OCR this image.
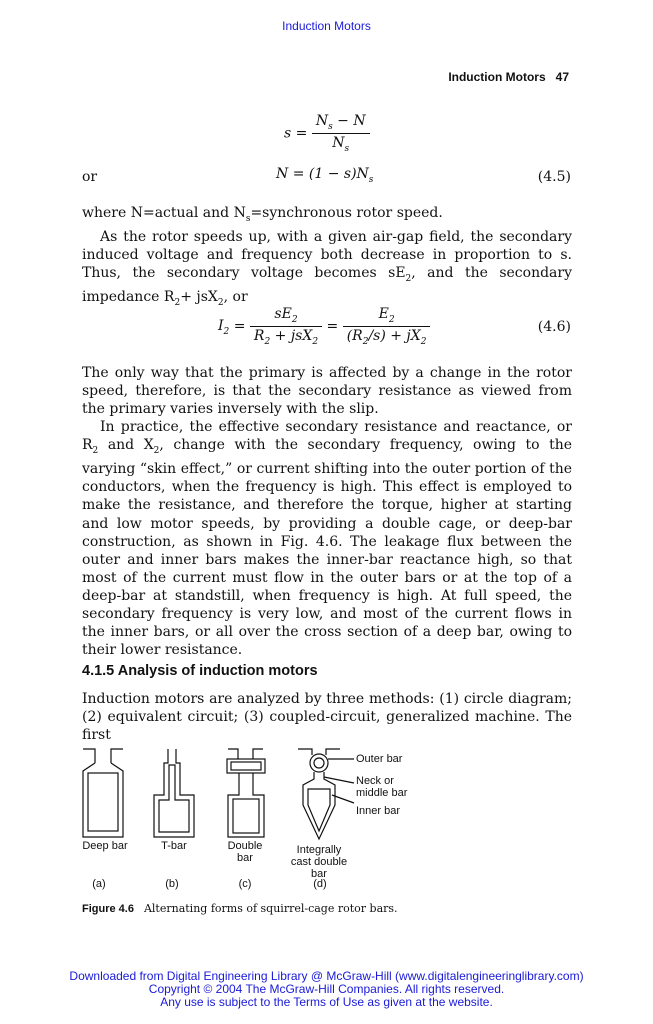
Induction Motors
Induction Motors 47
$s = \frac{N_s - N}{N_s}$
or	$N = (1 - s)N_s$	(4.5)

where N=actual and $N_s=synchronous$ rotor speed.

As the rotor speeds up, with a given air-gap field, the secondary induced voltage and frequency both decrease in proportion to s. Thus, the secondary voltage becomes $sE_2$, and the secondary impedance $R_2+ jsX_2$, or

$I_2 = \frac{sE_2}{R_2 + jsX_2} = \frac{E_2}{(R_2/s) + jX_2}$	(4.6)

The only way that the primary is affected by a change in the rotor speed, therefore, is that the secondary resistance as viewed from the primary varies inversely with the slip.

In practice, the effective secondary resistance and reactance, or $R_2$ and $X_2$, change with the secondary frequency, owing to the varying “skin effect,” or current shifting into the outer portion of the conductors, when the frequency is high. This effect is employed to make the resistance, and therefore the torque, higher at starting and low motor speeds, by providing a double cage, or deep-bar construction, as shown in Fig. 4.6. The leakage flux between the outer and inner bars makes the inner-bar reactance high, so that most of the current must flow in the outer bars or at the top of a deep-bar at standstill, when frequency is high. At full speed, the secondary frequency is very low, and most of the current flows in the inner bars, or all over the cross section of a deep bar, owing to their lower resistance.

4.1.5 Analysis of induction motors

Induction motors are analyzed by three methods: (1) circle diagram; (2) equivalent circuit; (3) coupled-circuit, generalized machine. The first

Outer bar
Neck or middle bar
Inner bar
Deep bar	T-bar	Double bar
Integrally cast double bar
(a)	(b)	(c)	(d)
Figure 4.6 Alternating forms of squirrel-cage rotor bars.
Downloaded from Digital Engineering Library @ McGraw-Hill (www.digitalengineeringlibrary.com)
Copyright © 2004 The McGraw-Hill Companies. All rights reserved.
Any use is subject to the Terms of Use as given at the website.
